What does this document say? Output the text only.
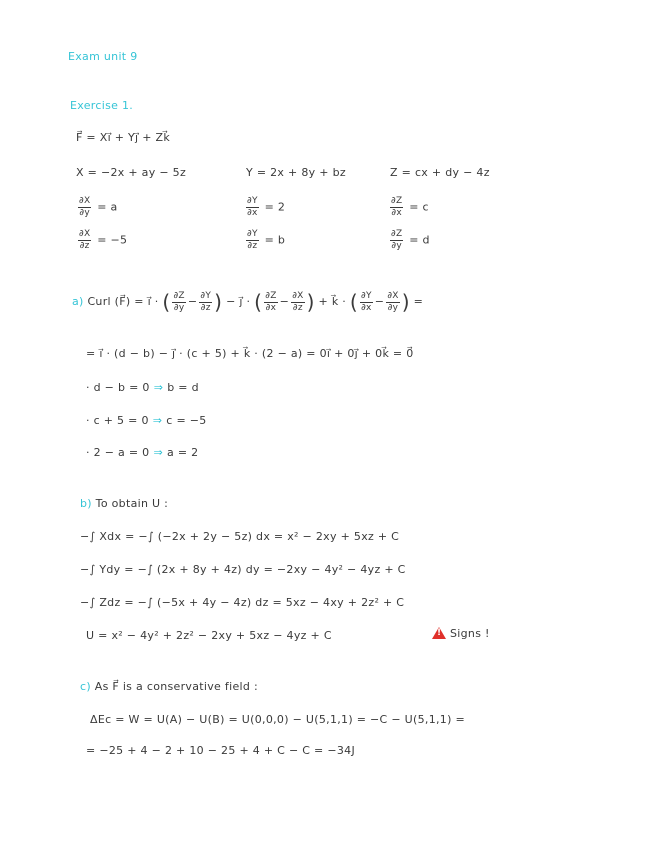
Exam unit 9
Exercise 1.
F⃗ = Xi⃗ + Yj⃗ + Zk⃗
X = −2x + ay − 5z	Y = 2x + 8y + bz	Z = cx + dy − 4z
$\frac{\partial X}{\partial y} = a$	$\frac{\partial Y}{\partial x} = 2$	$\frac{\partial Z}{\partial x} = c$
$\frac{\partial X}{\partial z} = -5$	$\frac{\partial Y}{\partial z} = b$	$\frac{\partial Z}{\partial y} = d$
a) Curl (F⃗) = i⃗ · ( $\frac{\partial Z}{\partial y} - \frac{\partial Y}{\partial z}$ ) − j⃗ · ( $\frac{\partial Z}{\partial x} - \frac{\partial X}{\partial z}$ ) + k⃗ · ( $\frac{\partial Y}{\partial x} - \frac{\partial X}{\partial y}$ ) =
= i⃗ · (d − b) − j⃗ · (c + 5) + k⃗ · (2 − a) = 0i⃗ + 0j⃗ + 0k⃗ = 0⃗
· d − b = 0 ⇒ b = d
· c + 5 = 0 ⇒ c = −5
· 2 − a = 0 ⇒ a = 2
b) To obtain U :
−∫ Xdx = −∫ (−2x + 2y − 5z) dx = x² − 2xy + 5xz + C
−∫ Ydy = −∫ (2x + 8y + 4z) dy = −2xy − 4y² − 4yz + C
−∫ Zdz = −∫ (−5x + 4y − 4z) dz = 5xz − 4xy + 2z² + C
U = x² − 4y² + 2z² − 2xy + 5xz − 4yz + C
!	Signs !
c) As F⃗ is a conservative field :
ΔEc = W = U(A) − U(B) = U(0,0,0) − U(5,1,1) = −C − U(5,1,1) =
= −25 + 4 − 2 + 10 − 25 + 4 + C − C = −34J
